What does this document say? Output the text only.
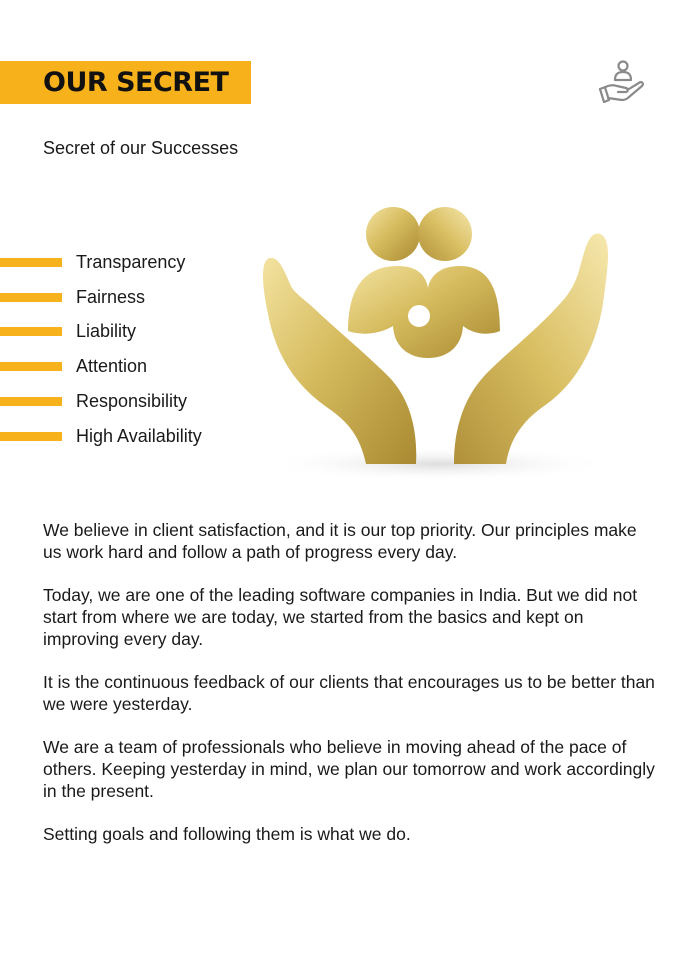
OUR SECRET
Secret of our Successes
Transparency
Fairness
Liability
Attention
Responsibility
High Availability

We believe in client satisfaction, and it is our top priority. Our principles make us work hard and follow a path of progress every day.

Today, we are one of the leading software companies in India. But we did not start from where we are today, we started from the basics and kept on improving every day.

It is the continuous feedback of our clients that encourages us to be better than we were yesterday.

We are a team of professionals who believe in moving ahead of the pace of others. Keeping yesterday in mind, we plan our tomorrow and work accordingly in the present.

Setting goals and following them is what we do.
